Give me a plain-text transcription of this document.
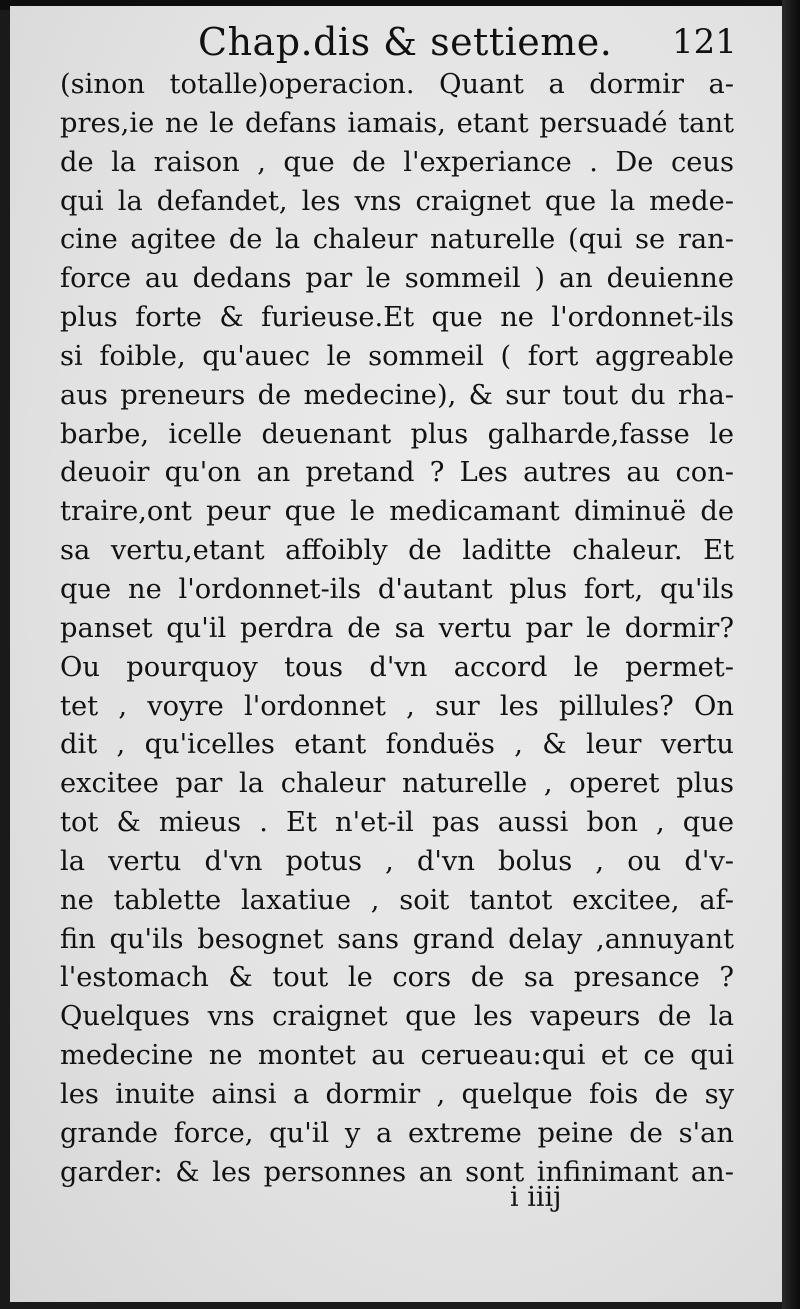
Chap.dis & settieme. 121
(sinon totalle)operacion. Quant a dormir a-
pres,ie ne le defans iamais, etant persuadé tant
de la raison , que de l'experiance . De ceus
qui la defandet, les vns craignet que la mede-
cine agitee de la chaleur naturelle (qui se ran-
force au dedans par le sommeil ) an deuienne
plus forte & furieuse.Et que ne l'ordonnet-ils
si foible, qu'auec le sommeil ( fort aggreable
aus preneurs de medecine), & sur tout du rha-
barbe, icelle deuenant plus galharde,fasse le
deuoir qu'on an pretand ? Les autres au con-
traire,ont peur que le medicamant diminuë de
sa vertu,etant affoibly de laditte chaleur. Et
que ne l'ordonnet-ils d'autant plus fort, qu'ils
panset qu'il perdra de sa vertu par le dormir?
Ou pourquoy tous d'vn accord le permet-
tet , voyre l'ordonnet , sur les pillules? On
dit , qu'icelles etant fonduës , & leur vertu
excitee par la chaleur naturelle , operet plus
tot & mieus . Et n'et-il pas aussi bon , que
la vertu d'vn potus , d'vn bolus , ou d'v-
ne tablette laxatiue , soit tantot excitee, af-
fin qu'ils besognet sans grand delay ,annuyant
l'estomach & tout le cors de sa presance ?
Quelques vns craignet que les vapeurs de la
medecine ne montet au cerueau:qui et ce qui
les inuite ainsi a dormir , quelque fois de sy
grande force, qu'il y a extreme peine de s'an
garder: & les personnes an sont infinimant an-
i iiij
